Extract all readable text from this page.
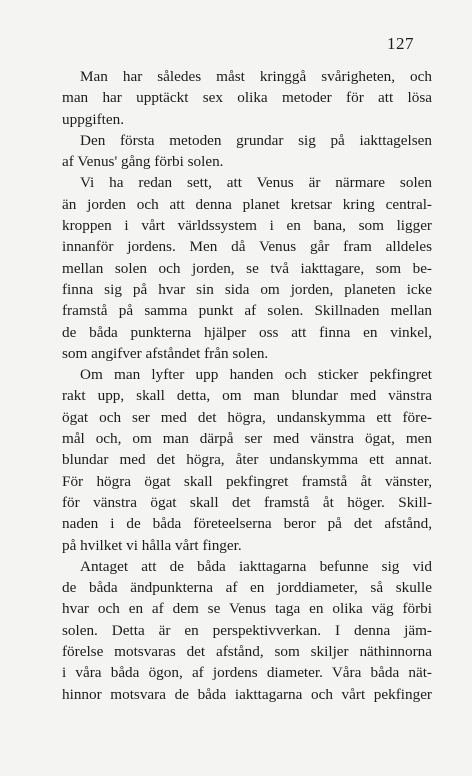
127
Man har således måst kringgå svårigheten, och
man har upptäckt sex olika metoder för att lösa
uppgiften.
Den första metoden grundar sig på iakttagelsen
af Venus' gång förbi solen.
Vi ha redan sett, att Venus är närmare solen
än jorden och att denna planet kretsar kring central-
kroppen i vårt världssystem i en bana, som ligger
innanför jordens. Men då Venus går fram alldeles
mellan solen och jorden, se två iakttagare, som be-
finna sig på hvar sin sida om jorden, planeten icke
framstå på samma punkt af solen. Skillnaden mellan
de båda punkterna hjälper oss att finna en vinkel,
som angifver afståndet från solen.
Om man lyfter upp handen och sticker pekfingret
rakt upp, skall detta, om man blundar med vänstra
ögat och ser med det högra, undanskymma ett före-
mål och, om man därpå ser med vänstra ögat, men
blundar med det högra, åter undanskymma ett annat.
För högra ögat skall pekfingret framstå åt vänster,
för vänstra ögat skall det framstå åt höger. Skill-
naden i de båda företeelserna beror på det afstånd,
på hvilket vi hålla vårt finger.
Antaget att de båda iakttagarna befunne sig vid
de båda ändpunkterna af en jorddiameter, så skulle
hvar och en af dem se Venus taga en olika väg förbi
solen. Detta är en perspektivverkan. I denna jäm-
förelse motsvaras det afstånd, som skiljer näthinnorna
i våra båda ögon, af jordens diameter. Våra båda nät-
hinnor motsvara de båda iakttagarna och vårt pekfinger
